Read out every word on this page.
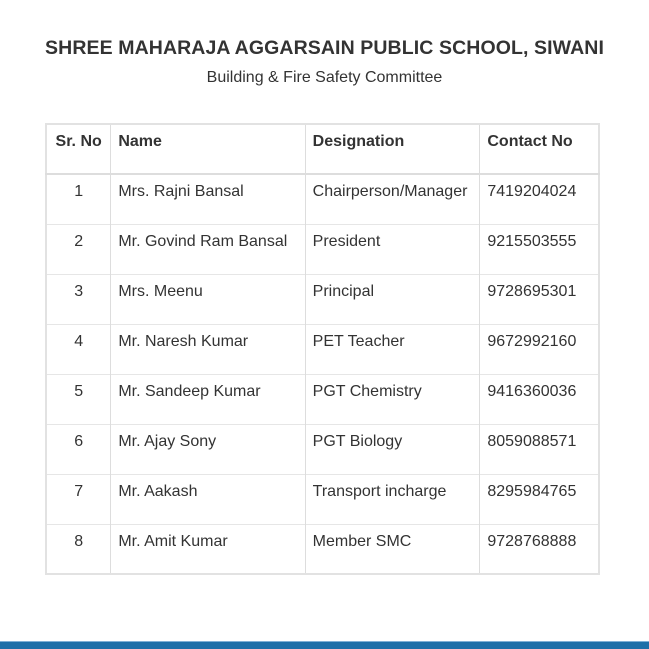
SHREE MAHARAJA AGGARSAIN PUBLIC SCHOOL, SIWANI
Building & Fire Safety Committee
Sr. No	Name	Designation	Contact No
1	Mrs. Rajni Bansal	Chairperson/Manager	7419204024
2	Mr. Govind Ram Bansal	President	9215503555
3	Mrs. Meenu	Principal	9728695301
4	Mr. Naresh Kumar	PET Teacher	9672992160
5	Mr. Sandeep Kumar	PGT Chemistry	9416360036
6	Mr. Ajay Sony	PGT Biology	8059088571
7	Mr. Aakash	Transport incharge	8295984765
8	Mr. Amit Kumar	Member SMC	9728768888
